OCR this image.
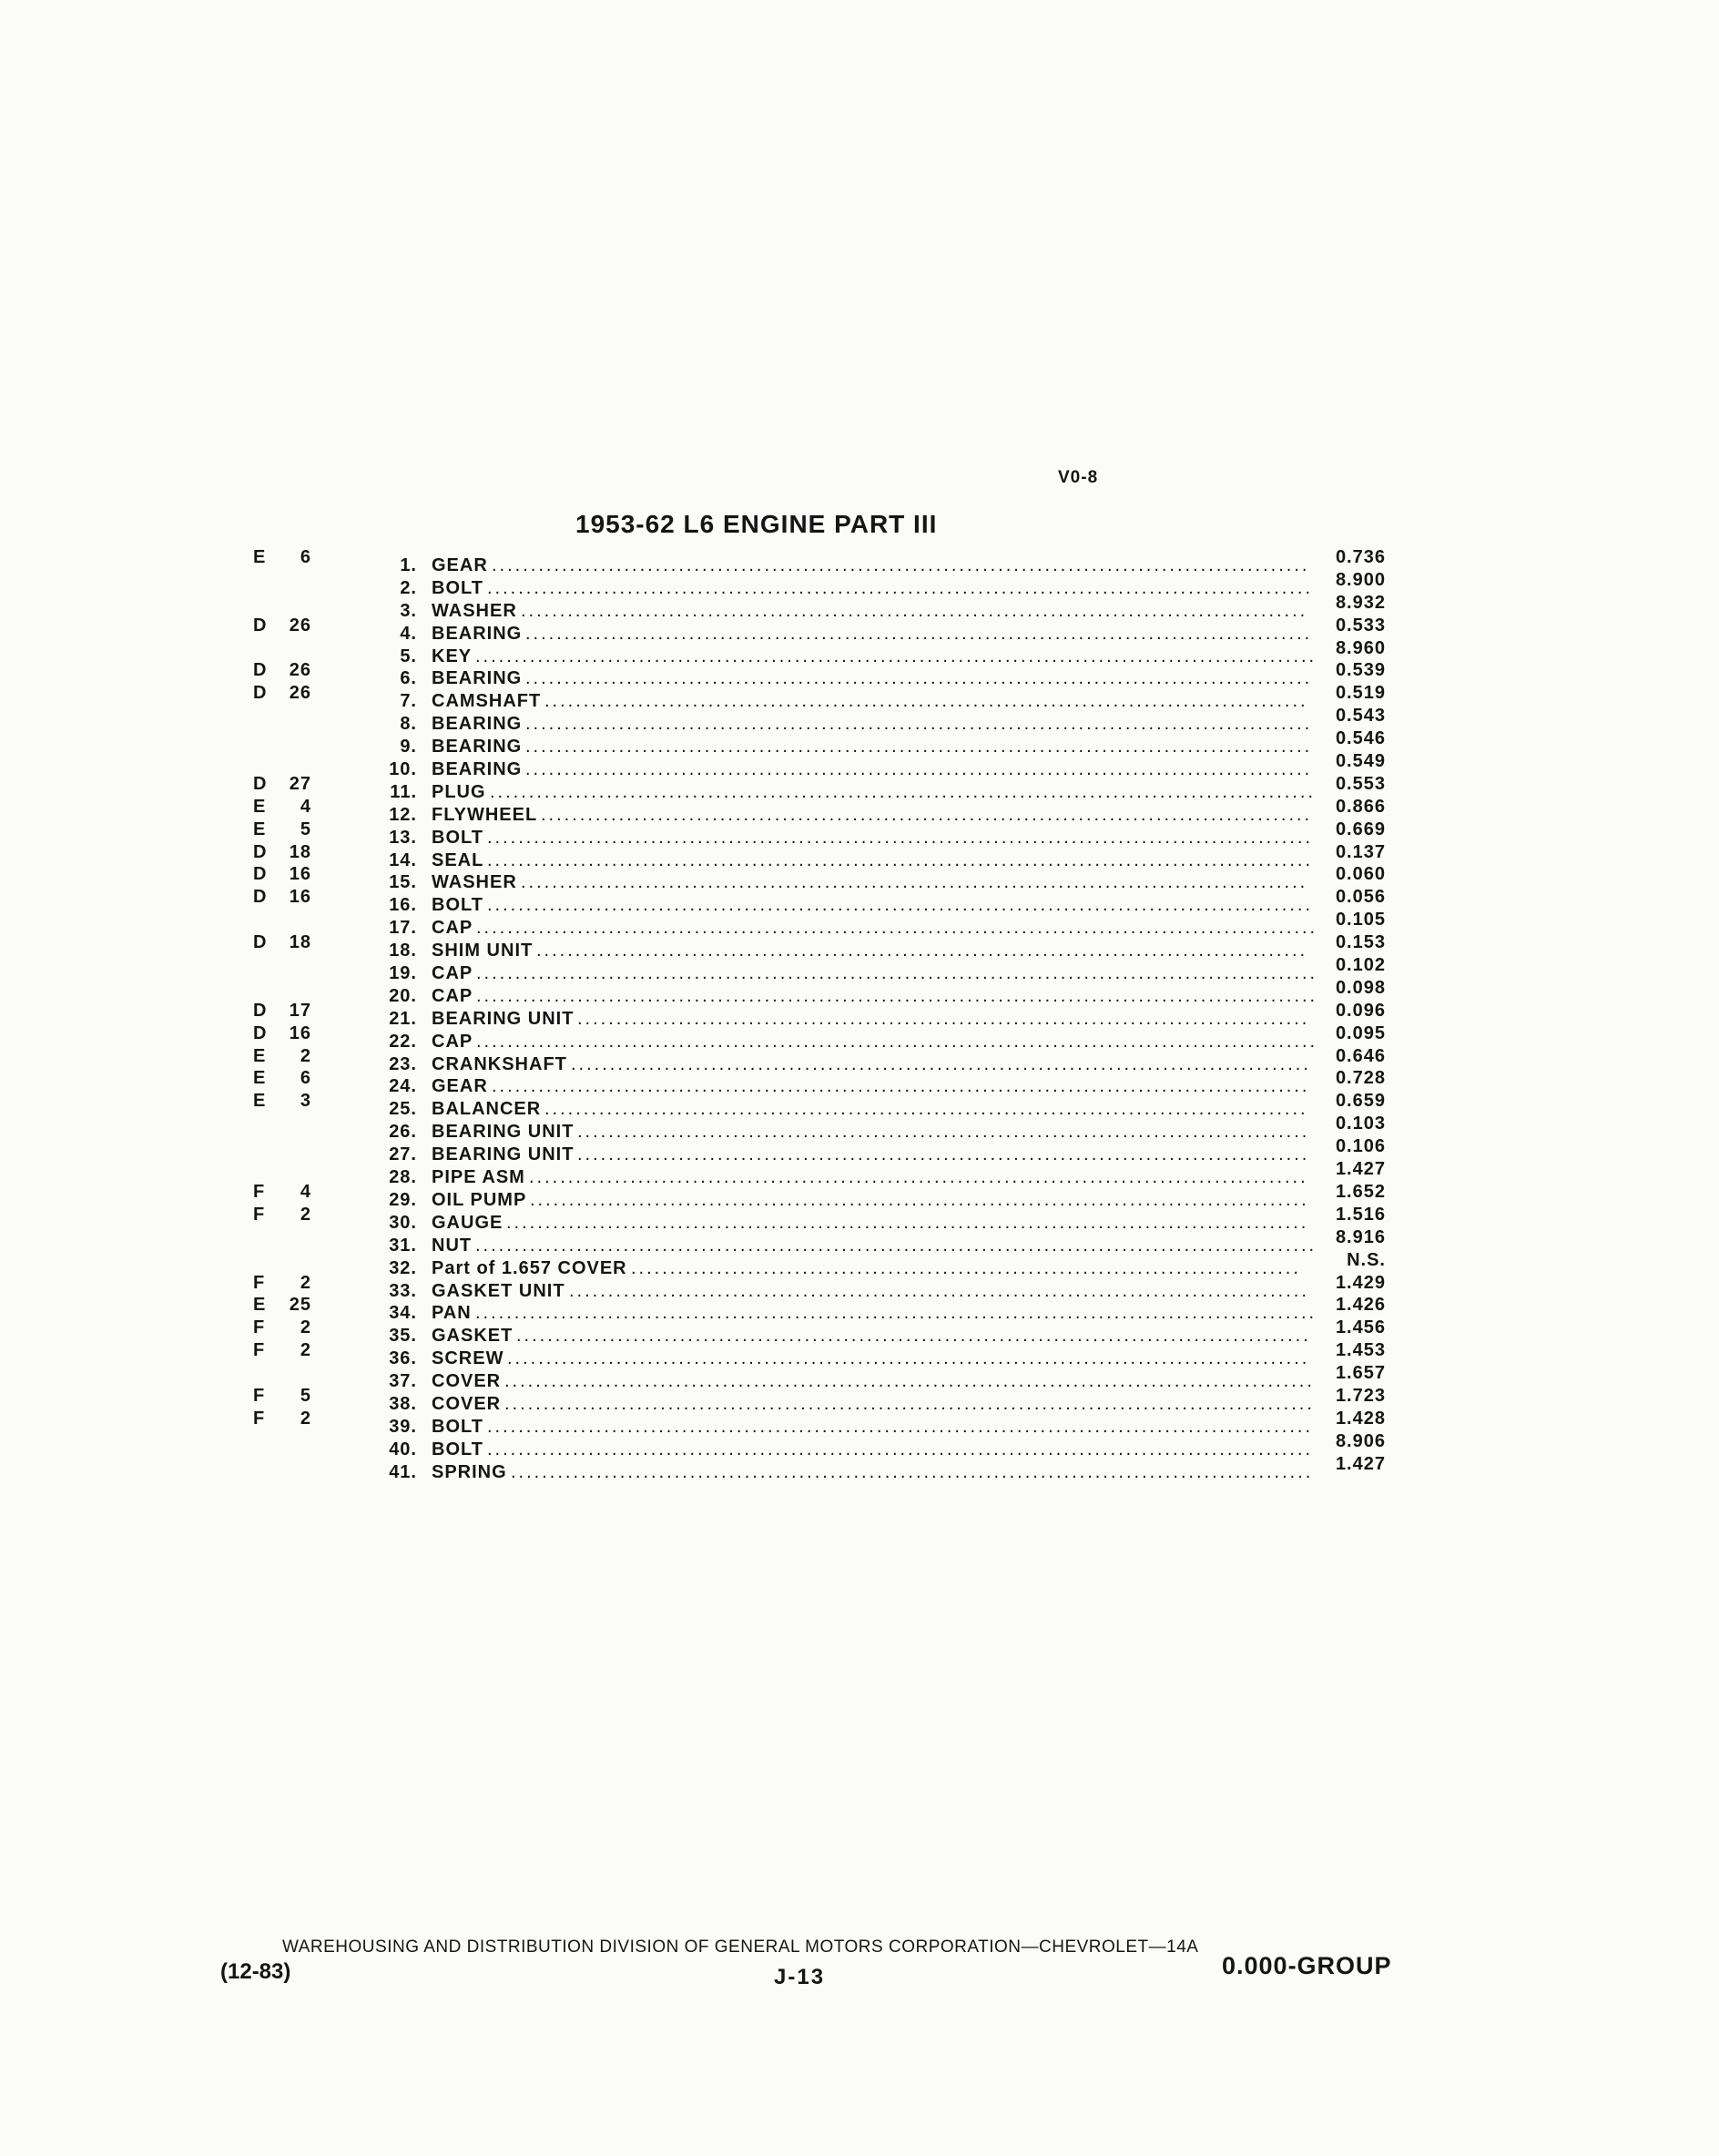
V0-8
1953-62 L6 ENGINE PART III
E	6	1. GEAR	0.736
.........................................................................................................
2. BOLT	8.900
..........................................................................................................
3. WASHER	8.932
.....................................................................................................
D	26	4. BEARING	0.533
.....................................................................................................
5. KEY	8.960
............................................................................................................
D	26	6. BEARING	0.539
.....................................................................................................
D	26	7. CAMSHAFT	0.519
..................................................................................................
8. BEARING	0.543
.....................................................................................................
9. BEARING	0.546
.....................................................................................................
10. BEARING	0.549
.....................................................................................................
D	27	11. PLUG	0.553
..........................................................................................................
E	4	12. FLYWHEEL	0.866
...................................................................................................
E	5	13. BOLT	0.669
..........................................................................................................
D	18	14. SEAL	0.137
..........................................................................................................
D	16	15. WASHER	0.060
.....................................................................................................
D	16	16. BOLT	0.056
..........................................................................................................
17. CAP	0.105
............................................................................................................
D	18	18. SHIM UNIT	0.153
...................................................................................................
19. CAP	0.102
............................................................................................................
20. CAP	0.098
............................................................................................................
D	17	21. BEARING UNIT	0.096
..............................................................................................
D	16	22. CAP	0.095
............................................................................................................
E	2	23. CRANKSHAFT	0.646
...............................................................................................
E	6	24. GEAR	0.728
.........................................................................................................
E	3	25. BALANCER	0.659
..................................................................................................
26. BEARING UNIT	0.103
..............................................................................................
27. BEARING UNIT	0.106
..............................................................................................
28. PIPE ASM	1.427
....................................................................................................
F	4	29. OIL PUMP	1.652
....................................................................................................
F	2	30. GAUGE	1.516
.......................................................................................................
31. NUT	8.916
............................................................................................................
32. Part of 1.657 COVER	N.S.
......................................................................................
F	2	33. GASKET UNIT	1.429
...............................................................................................
E	25	34. PAN	1.426
............................................................................................................
F	2	35. GASKET	1.456
......................................................................................................
F	2	36. SCREW	1.453
.......................................................................................................
37. COVER	1.657
........................................................................................................
F	5	38. COVER	1.723
........................................................................................................
F	2	39. BOLT	1.428
..........................................................................................................
40. BOLT	8.906
..........................................................................................................
41. SPRING	1.427
.......................................................................................................
WAREHOUSING AND DISTRIBUTION DIVISION OF GENERAL MOTORS CORPORATION—CHEVROLET—14A
(12-83)	J-13	0.000-GROUP
